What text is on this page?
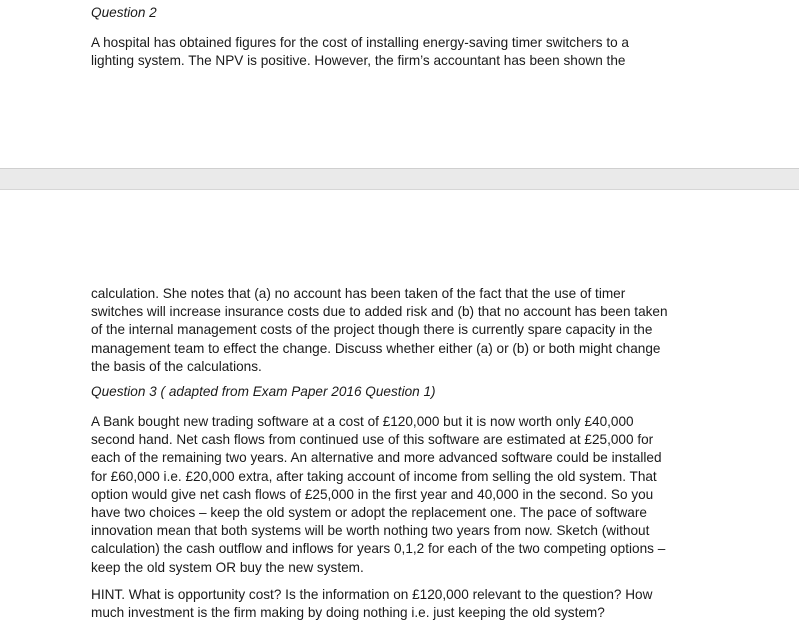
Question 2

A hospital has obtained figures for the cost of installing energy-saving timer switchers to a

lighting system. The NPV is positive. However, the firm’s accountant has been shown the

calculation. She notes that (a) no account has been taken of the fact that the use of timer

switches will increase insurance costs due to added risk and (b) that no account has been taken

of the internal management costs of the project though there is currently spare capacity in the

management team to effect the change. Discuss whether either (a) or (b) or both might change

the basis of the calculations.

Question 3 ( adapted from Exam Paper 2016 Question 1)

A Bank bought new trading software at a cost of £120,000 but it is now worth only £40,000

second hand. Net cash flows from continued use of this software are estimated at £25,000 for

each of the remaining two years. An alternative and more advanced software could be installed

for £60,000 i.e. £20,000 extra, after taking account of income from selling the old system. That

option would give net cash flows of £25,000 in the first year and 40,000 in the second. So you

have two choices – keep the old system or adopt the replacement one. The pace of software

innovation mean that both systems will be worth nothing two years from now. Sketch (without

calculation) the cash outflow and inflows for years 0,1,2 for each of the two competing options –

keep the old system OR buy the new system.

HINT. What is opportunity cost? Is the information on £120,000 relevant to the question? How

much investment is the firm making by doing nothing i.e. just keeping the old system?
